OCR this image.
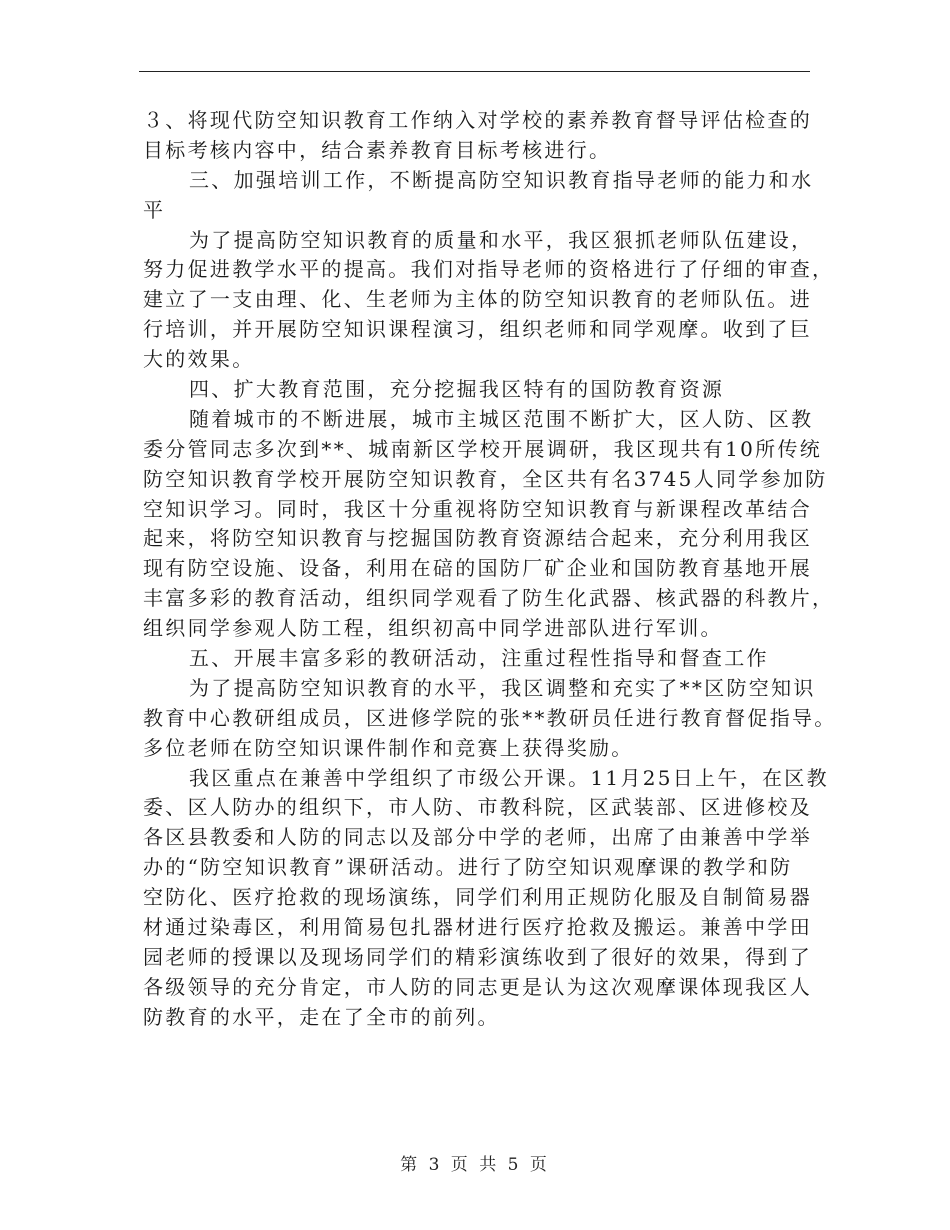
３、将现代防空知识教育工作纳入对学校的素养教育督导评估检查的
目标考核内容中，结合素养教育目标考核进行。
三、加强培训工作，不断提高防空知识教育指导老师的能力和水
平
为了提高防空知识教育的质量和水平，我区狠抓老师队伍建设，
努力促进教学水平的提高。我们对指导老师的资格进行了仔细的审查，
建立了一支由理、化、生老师为主体的防空知识教育的老师队伍。进
行培训，并开展防空知识课程演习，组织老师和同学观摩。收到了巨
大的效果。
四、扩大教育范围，充分挖掘我区特有的国防教育资源
随着城市的不断进展，城市主城区范围不断扩大，区人防、区教
委分管同志多次到**、城南新区学校开展调研，我区现共有10所传统
防空知识教育学校开展防空知识教育，全区共有名3745人同学参加防
空知识学习。同时，我区十分重视将防空知识教育与新课程改革结合
起来，将防空知识教育与挖掘国防教育资源结合起来，充分利用我区
现有防空设施、设备，利用在碚的国防厂矿企业和国防教育基地开展
丰富多彩的教育活动，组织同学观看了防生化武器、核武器的科教片，
组织同学参观人防工程，组织初高中同学进部队进行军训。
五、开展丰富多彩的教研活动，注重过程性指导和督查工作
为了提高防空知识教育的水平，我区调整和充实了**区防空知识
教育中心教研组成员，区进修学院的张**教研员任进行教育督促指导。
多位老师在防空知识课件制作和竞赛上获得奖励。
我区重点在兼善中学组织了市级公开课。11月25日上午，在区教
委、区人防办的组织下，市人防、市教科院，区武装部、区进修校及
各区县教委和人防的同志以及部分中学的老师，出席了由兼善中学举
办的“防空知识教育”课研活动。进行了防空知识观摩课的教学和防
空防化、医疗抢救的现场演练，同学们利用正规防化服及自制简易器
材通过染毒区，利用简易包扎器材进行医疗抢救及搬运。兼善中学田
园老师的授课以及现场同学们的精彩演练收到了很好的效果，得到了
各级领导的充分肯定，市人防的同志更是认为这次观摩课体现我区人
防教育的水平，走在了全市的前列。
第 3 页 共 5 页
